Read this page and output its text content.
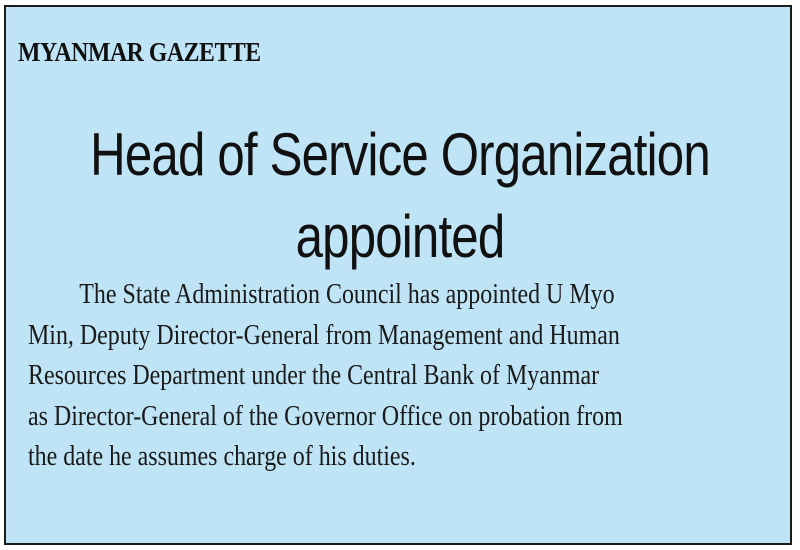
MYANMAR GAZETTE
Head of Service Organization
appointed
The State Administration Council has appointed U Myo
Min, Deputy Director-General from Management and Human
Resources Department under the Central Bank of Myanmar
as Director-General of the Governor Office on probation from
the date he assumes charge of his duties.
